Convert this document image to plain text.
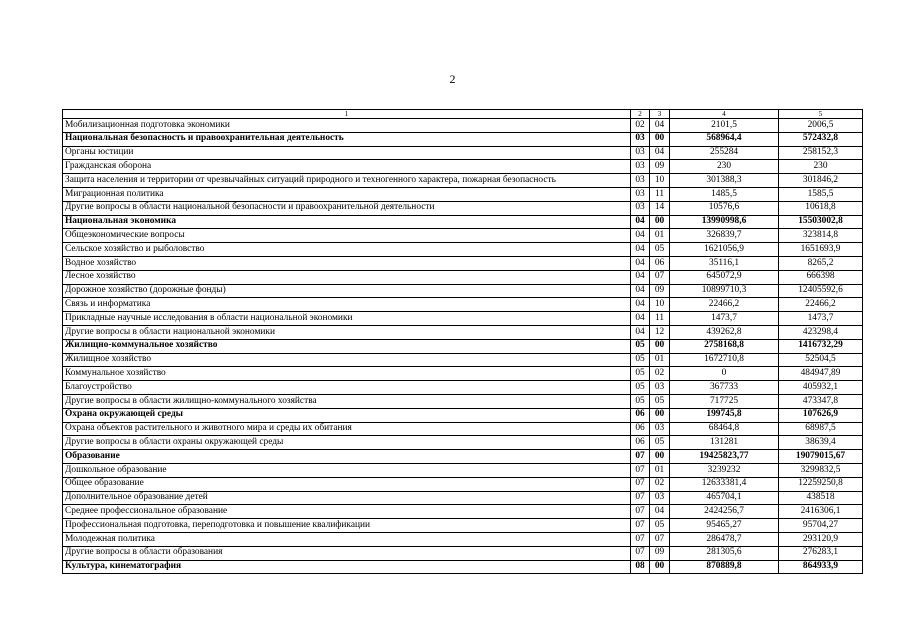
2
1	2	3	4	5
Мобилизационная подготовка экономики	02	04	2101,5	2006,5
Национальная безопасность и правоохранительная деятельность	03	00	568964,4	572432,8
Органы юстиции	03	04	255284	258152,3
Гражданская оборона	03	09	230	230
Защита населения и территории от чрезвычайных ситуаций природного и техногенного характера, пожарная безопасность	03	10	301388,3	301846,2
Миграционная политика	03	11	1485,5	1585,5
Другие вопросы в области национальной безопасности и правоохранительной деятельности	03	14	10576,6	10618,8
Национальная экономика	04	00	13990998,6	15503002,8
Общеэкономические вопросы	04	01	326839,7	323814,8
Сельское хозяйство и рыболовство	04	05	1621056,9	1651693,9
Водное хозяйство	04	06	35116,1	8265,2
Лесное хозяйство	04	07	645072,9	666398
Дорожное хозяйство (дорожные фонды)	04	09	10899710,3	12405592,6
Связь и информатика	04	10	22466,2	22466,2
Прикладные научные исследования в области национальной экономики	04	11	1473,7	1473,7
Другие вопросы в области национальной экономики	04	12	439262,8	423298,4
Жилищно-коммунальное хозяйство	05	00	2758168,8	1416732,29
Жилищное хозяйство	05	01	1672710,8	52504,5
Коммунальное хозяйство	05	02	0	484947,89
Благоустройство	05	03	367733	405932,1
Другие вопросы в области жилищно-коммунального хозяйства	05	05	717725	473347,8
Охрана окружающей среды	06	00	199745,8	107626,9
Охрана объектов растительного и животного мира и среды их обитания	06	03	68464,8	68987,5
Другие вопросы в области охраны окружающей среды	06	05	131281	38639,4
Образование	07	00	19425823,77	19079015,67
Дошкольное образование	07	01	3239232	3299832,5
Общее образование	07	02	12633381,4	12259250,8
Дополнительное образование детей	07	03	465704,1	438518
Среднее профессиональное образование	07	04	2424256,7	2416306,1
Профессиональная подготовка, переподготовка и повышение квалификации	07	05	95465,27	95704,27
Молодежная политика	07	07	286478,7	293120,9
Другие вопросы в области образования	07	09	281305,6	276283,1
Культура, кинематография	08	00	870889,8	864933,9
